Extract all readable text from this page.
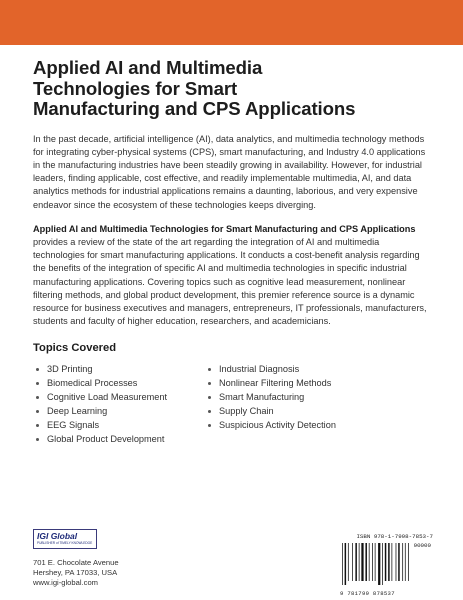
Applied AI and Multimedia
Technologies for Smart
Manufacturing and CPS Applications

In the past decade, artificial intelligence (AI), data analytics, and multimedia technology methods for integrating cyber-physical systems (CPS), smart manufacturing, and Industry 4.0 applications in the manufacturing industries have been steadily growing in availability. However, for industrial leaders, finding applicable, cost effective, and readily implementable multimedia, AI, and data analytics methods for industrial applications remains a daunting, laborious, and very expensive endeavor since the ecosystem of these technologies keeps diverging.

Applied AI and Multimedia Technologies for Smart Manufacturing and CPS Applications provides a review of the state of the art regarding the integration of AI and multimedia technologies for smart manufacturing applications. It conducts a cost-benefit analysis regarding the benefits of the integration of specific AI and multimedia technologies in specific industrial manufacturing applications. Covering topics such as cognitive lead measurement, nonlinear filtering methods, and global product development, this premier reference source is a dynamic resource for business executives and managers, entrepreneurs, IT professionals, manufacturers, students and faculty of higher education, researchers, and academicians.

Topics Covered
3D Printing
Biomedical Processes
Cognitive Load Measurement
Deep Learning
EEG Signals
Global Product Development
Industrial Diagnosis
Nonlinear Filtering Methods
Smart Manufacturing
Supply Chain
Suspicious Activity Detection
IGI Global
PUBLISHER of TIMELY KNOWLEDGE
701 E. Chocolate Avenue
Hershey, PA 17033, USA
www.igi-global.com
ISBN 978-1-7998-7853-7
90000
9 781799 878537
